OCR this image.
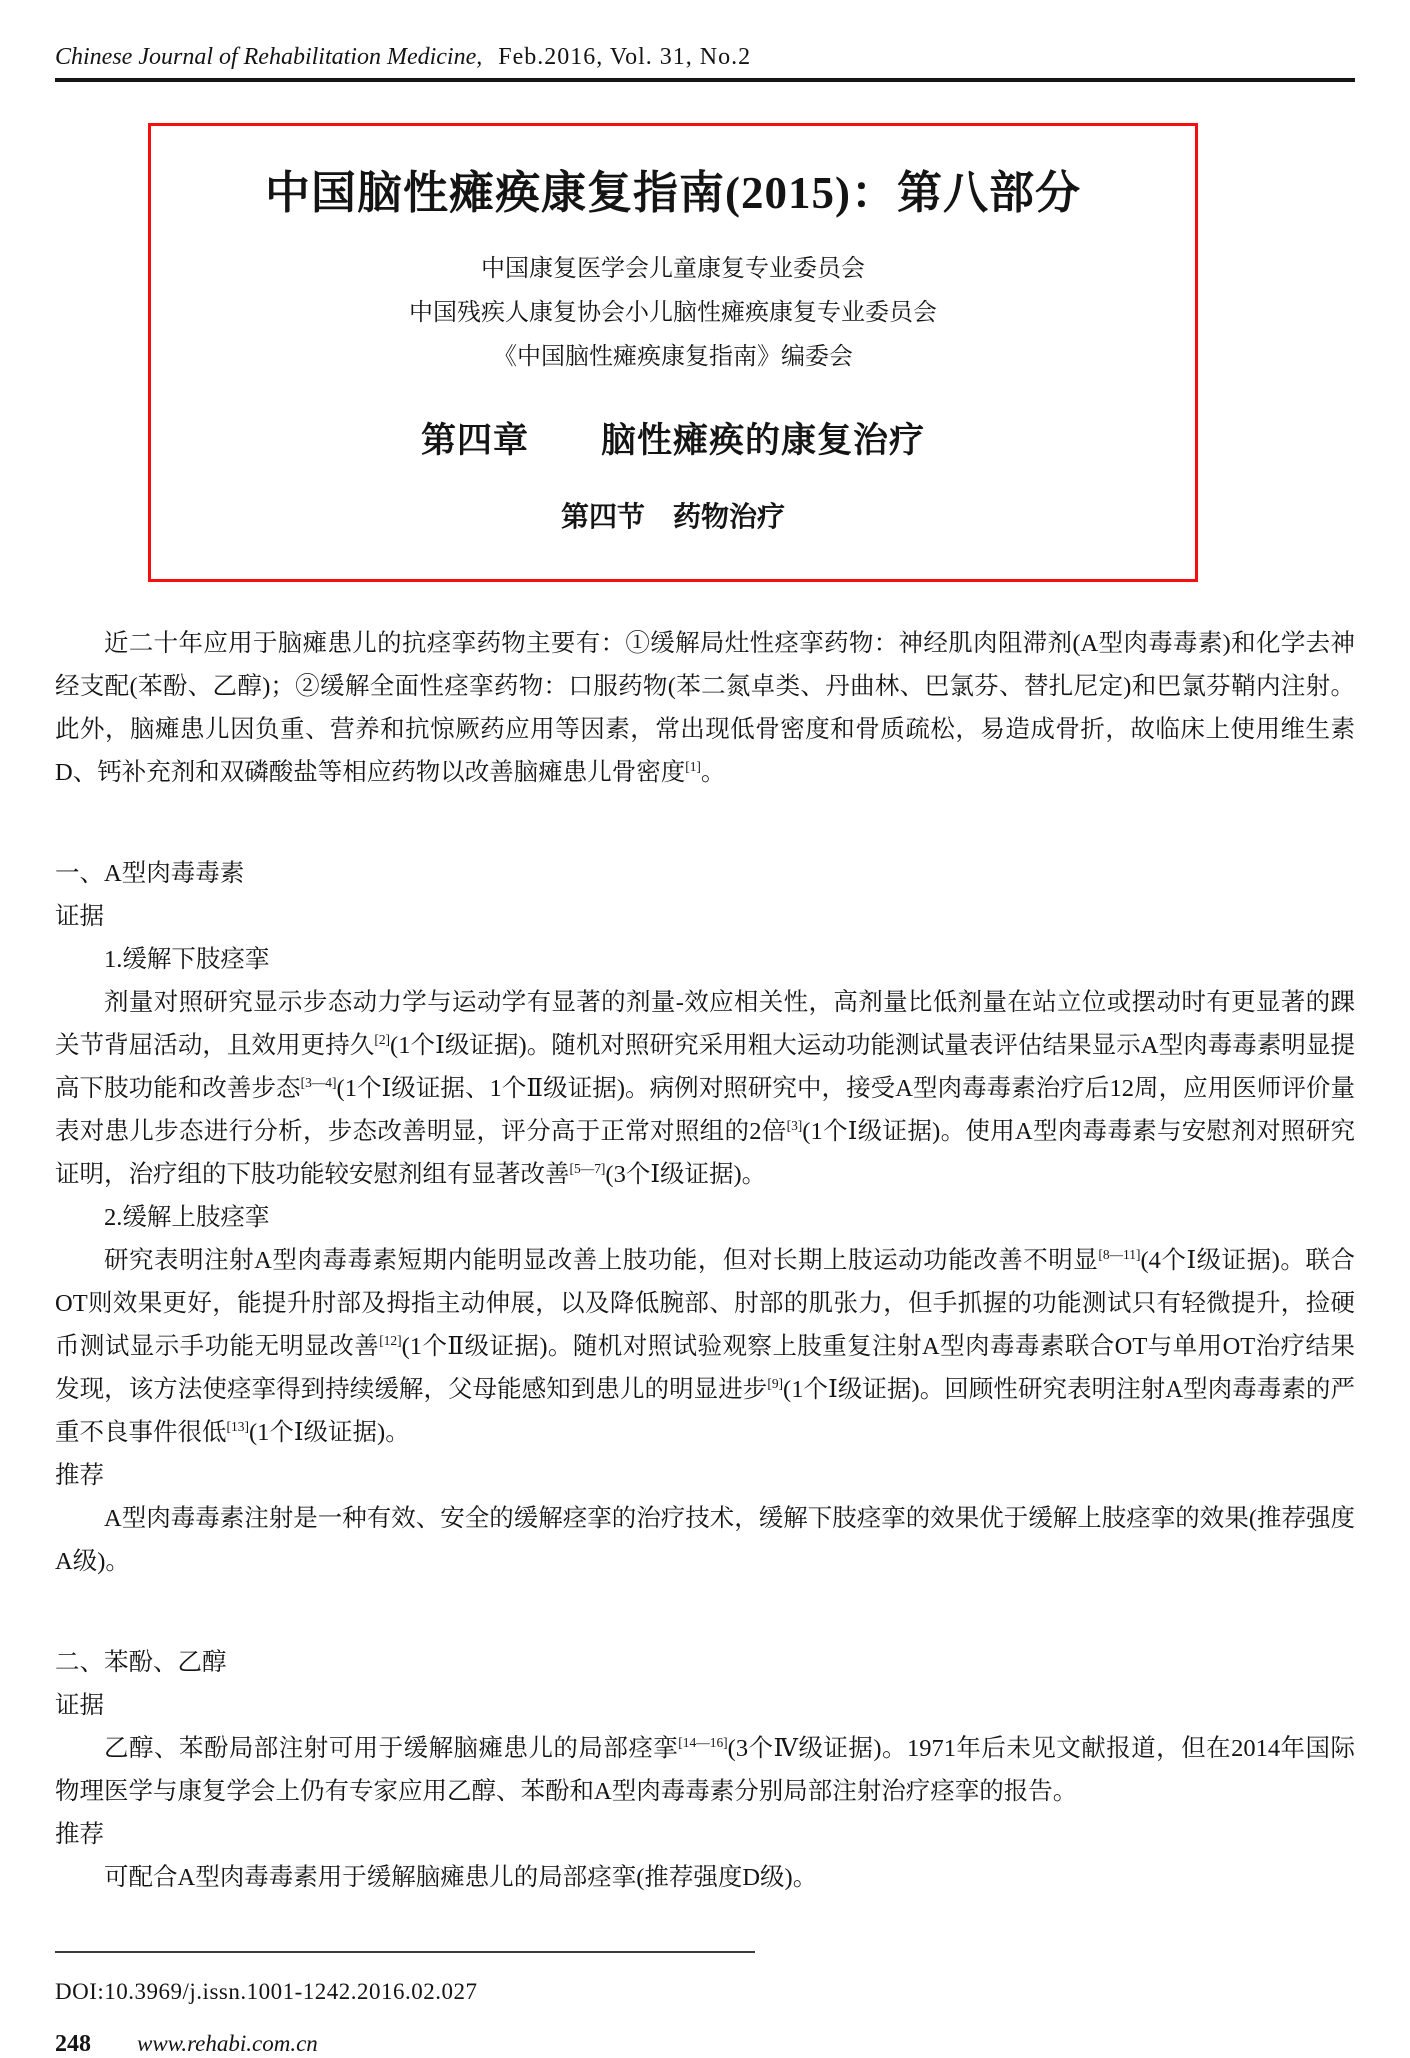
Chinese Journal of Rehabilitation Medicine, Feb.2016, Vol. 31, No.2
中国脑性瘫痪康复指南(2015)：第八部分
中国康复医学会儿童康复专业委员会
中国残疾人康复协会小儿脑性瘫痪康复专业委员会
《中国脑性瘫痪康复指南》编委会
第四章　　脑性瘫痪的康复治疗
第四节　药物治疗
近二十年应用于脑瘫患儿的抗痉挛药物主要有：①缓解局灶性痉挛药物：神经肌肉阻滞剂(A型肉毒毒素)和化学去神经支配(苯酚、乙醇)；②缓解全面性痉挛药物：口服药物(苯二氮卓类、丹曲林、巴氯芬、替扎尼定)和巴氯芬鞘内注射。此外，脑瘫患儿因负重、营养和抗惊厥药应用等因素，常出现低骨密度和骨质疏松，易造成骨折，故临床上使用维生素D、钙补充剂和双磷酸盐等相应药物以改善脑瘫患儿骨密度[1]。
一、A型肉毒毒素
证据
1.缓解下肢痉挛
剂量对照研究显示步态动力学与运动学有显著的剂量-效应相关性，高剂量比低剂量在站立位或摆动时有更显著的踝关节背屈活动，且效用更持久[2](1个Ⅰ级证据)。随机对照研究采用粗大运动功能测试量表评估结果显示A型肉毒毒素明显提高下肢功能和改善步态[3—4](1个Ⅰ级证据、1个Ⅱ级证据)。病例对照研究中，接受A型肉毒毒素治疗后12周，应用医师评价量表对患儿步态进行分析，步态改善明显，评分高于正常对照组的2倍[3](1个Ⅰ级证据)。使用A型肉毒毒素与安慰剂对照研究证明，治疗组的下肢功能较安慰剂组有显著改善[5—7](3个Ⅰ级证据)。
2.缓解上肢痉挛
研究表明注射A型肉毒毒素短期内能明显改善上肢功能，但对长期上肢运动功能改善不明显[8—11](4个Ⅰ级证据)。联合OT则效果更好，能提升肘部及拇指主动伸展，以及降低腕部、肘部的肌张力，但手抓握的功能测试只有轻微提升，捡硬币测试显示手功能无明显改善[12](1个Ⅱ级证据)。随机对照试验观察上肢重复注射A型肉毒毒素联合OT与单用OT治疗结果发现，该方法使痉挛得到持续缓解，父母能感知到患儿的明显进步[9](1个Ⅰ级证据)。回顾性研究表明注射A型肉毒毒素的严重不良事件很低[13](1个Ⅰ级证据)。
推荐
A型肉毒毒素注射是一种有效、安全的缓解痉挛的治疗技术，缓解下肢痉挛的效果优于缓解上肢痉挛的效果(推荐强度A级)。
二、苯酚、乙醇
证据
乙醇、苯酚局部注射可用于缓解脑瘫患儿的局部痉挛[14—16](3个Ⅳ级证据)。1971年后未见文献报道，但在2014年国际物理医学与康复学会上仍有专家应用乙醇、苯酚和A型肉毒毒素分别局部注射治疗痉挛的报告。
推荐
可配合A型肉毒毒素用于缓解脑瘫患儿的局部痉挛(推荐强度D级)。
DOI:10.3969/j.issn.1001-1242.2016.02.027
248 www.rehabi.com.cn
